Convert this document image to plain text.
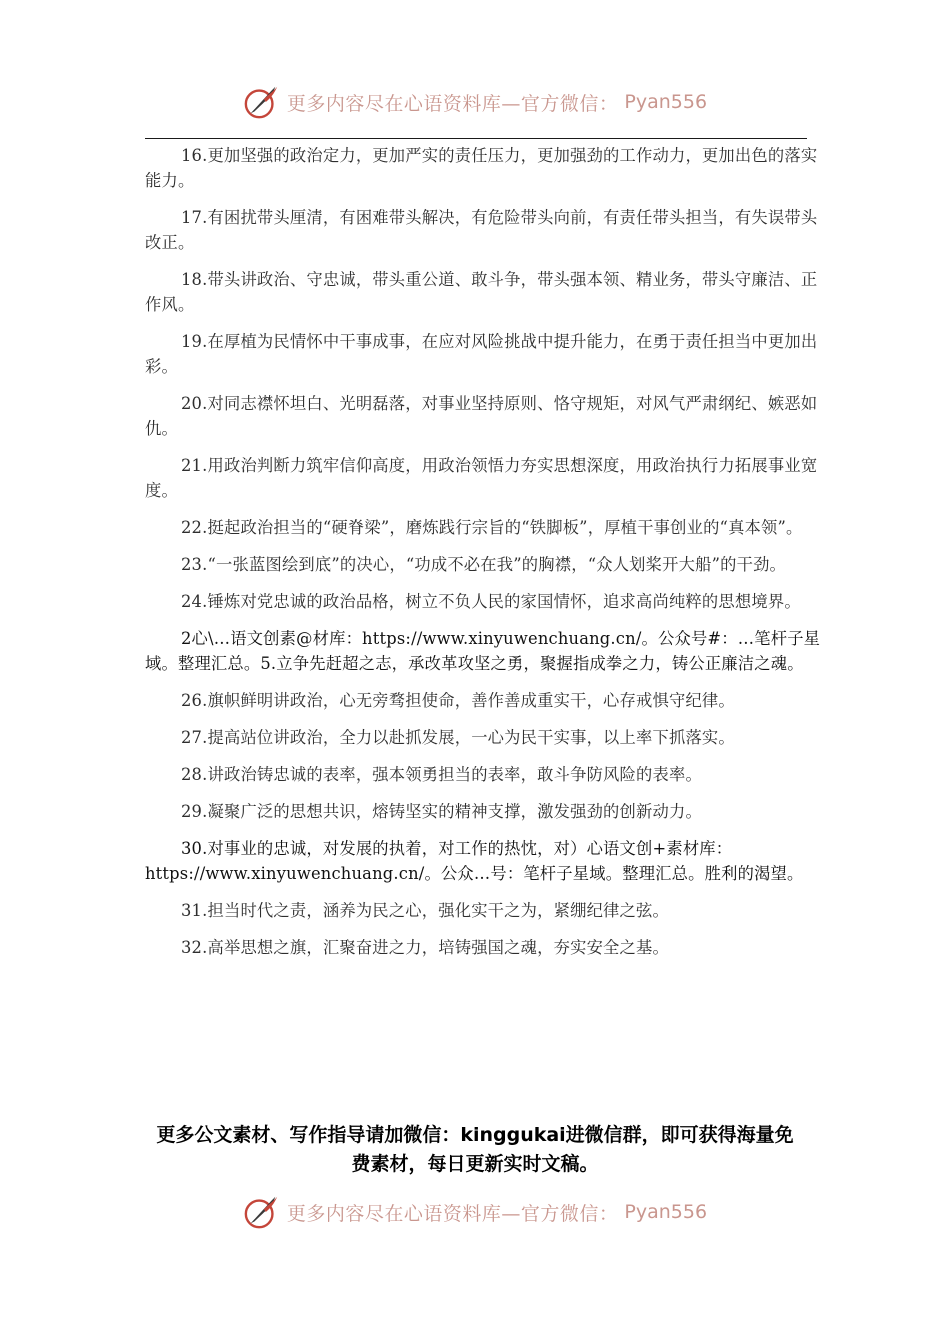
更多内容尽在心语资料库—官方微信： Pyan556

16.更加坚强的政治定力，更加严实的责任压力，更加强劲的工作动力，更加出色的落实能力。

17.有困扰带头厘清，有困难带头解决，有危险带头向前，有责任带头担当，有失误带头改正。

18.带头讲政治、守忠诚，带头重公道、敢斗争，带头强本领、精业务，带头守廉洁、正作风。

19.在厚植为民情怀中干事成事，在应对风险挑战中提升能力，在勇于责任担当中更加出彩。

20.对同志襟怀坦白、光明磊落，对事业坚持原则、恪守规矩，对风气严肃纲纪、嫉恶如仇。

21.用政治判断力筑牢信仰高度，用政治领悟力夯实思想深度，用政治执行力拓展事业宽度。

22.挺起政治担当的“硬脊梁”，磨炼践行宗旨的“铁脚板”，厚植干事创业的“真本领”。

23.“一张蓝图绘到底”的决心，“功成不必在我”的胸襟，“众人划桨开大船”的干劲。

24.锤炼对党忠诚的政治品格，树立不负人民的家国情怀，追求高尚纯粹的思想境界。

2心\…语文创素@材库：https://www.xinyuwenchuang.cn/。公众号#：…笔杆子星域。整理汇总。5.立争先赶超之志，承改革攻坚之勇，聚握指成拳之力，铸公正廉洁之魂。

26.旗帜鲜明讲政治，心无旁骛担使命，善作善成重实干，心存戒惧守纪律。

27.提高站位讲政治，全力以赴抓发展，一心为民干实事，以上率下抓落实。

28.讲政治铸忠诚的表率，强本领勇担当的表率，敢斗争防风险的表率。

29.凝聚广泛的思想共识，熔铸坚实的精神支撑，激发强劲的创新动力。

30.对事业的忠诚，对发展的执着，对工作的热忱，对）心语文创+素材库：https://www.xinyuwenchuang.cn/。公众…号：笔杆子星域。整理汇总。胜利的渴望。

31.担当时代之责，涵养为民之心，强化实干之为，紧绷纪律之弦。

32.高举思想之旗，汇聚奋进之力，培铸强国之魂，夯实安全之基。

更多公文素材、写作指导请加微信：kinggukai进微信群，即可获得海量免费素材，每日更新实时文稿。
更多内容尽在心语资料库—官方微信： Pyan556
